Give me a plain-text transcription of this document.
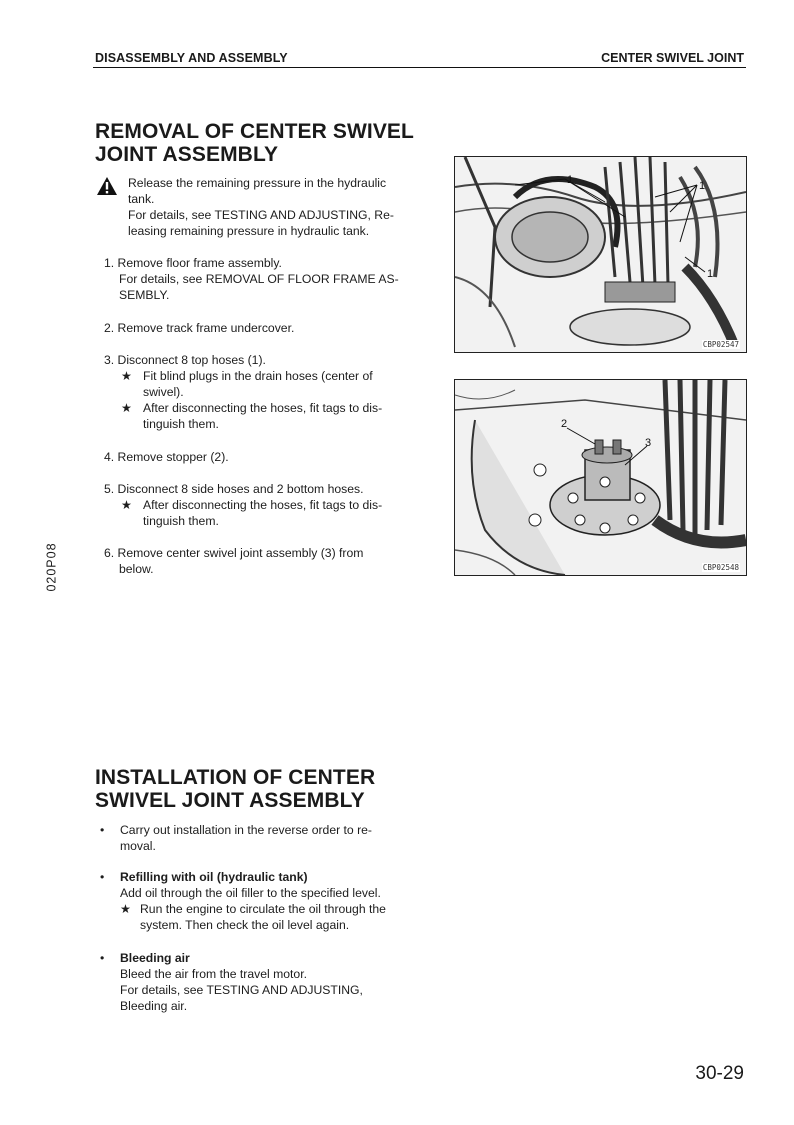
DISASSEMBLY AND ASSEMBLY	CENTER SWIVEL JOINT
REMOVAL OF CENTER SWIVEL
JOINT ASSEMBLY

Release the remaining pressure in the hydraulic

tank.

For details, see TESTING AND ADJUSTING, Re-

leasing remaining pressure in hydraulic tank.

1. Remove floor frame assembly.

For details, see REMOVAL OF FLOOR FRAME AS-

SEMBLY.

2. Remove track frame undercover.

3. Disconnect 8 top hoses (1).

★ Fit blind plugs in the drain hoses (center of

swivel).

★ After disconnecting the hoses, fit tags to dis-

tinguish them.

4. Remove stopper (2).

5. Disconnect 8 side hoses and 2 bottom hoses.

★ After disconnecting the hoses, fit tags to dis-

tinguish them.

6. Remove center swivel joint assembly (3) from

below.

1	1
1
CBP02547
2
3
CBP02548
020P08
INSTALLATION OF CENTER
SWIVEL JOINT ASSEMBLY
• Carry out installation in the reverse order to re-

moval.

• Refilling with oil (hydraulic tank)

Add oil through the oil filler to the specified level.

★ Run the engine to circulate the oil through the

system. Then check the oil level again.

• Bleeding air

Bleed the air from the travel motor.

For details, see TESTING AND ADJUSTING,

Bleeding air.

30-29
